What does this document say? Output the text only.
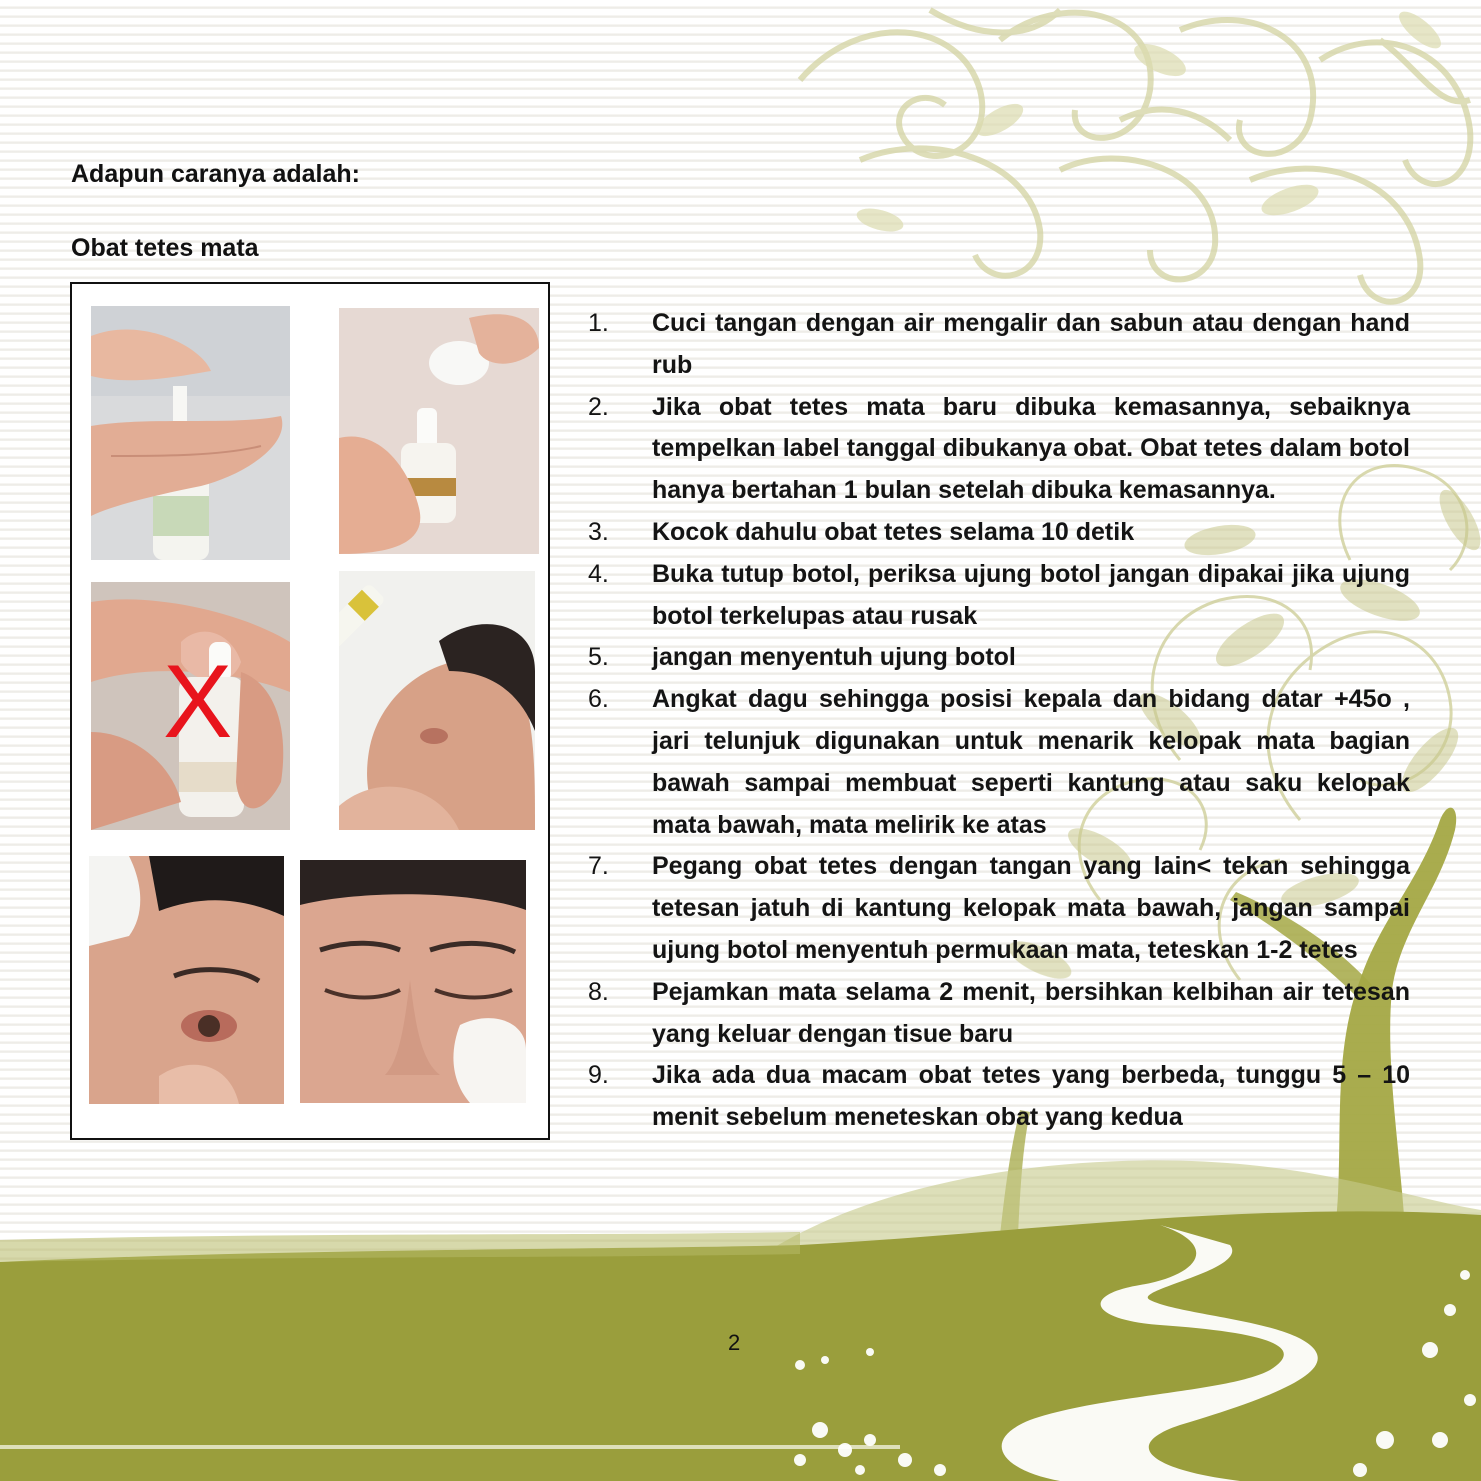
Adapun caranya adalah:
Obat tetes mata
X
1.	Cuci tangan dengan air mengalir dan sabun atau dengan hand rub
2.	Jika obat tetes mata baru dibuka kemasannya, sebaiknya tempelkan label tanggal dibukanya obat. Obat tetes dalam botol hanya bertahan 1 bulan setelah dibuka kemasannya.
3.	Kocok dahulu obat tetes selama 10 detik
4.	Buka tutup botol, periksa ujung botol jangan dipakai jika ujung botol terkelupas atau rusak
5.	jangan menyentuh ujung botol
6.	Angkat dagu sehingga posisi kepala dan bidang datar +45o , jari telunjuk digunakan untuk menarik kelopak mata bagian bawah sampai membuat seperti kantung atau saku kelopak mata bawah, mata melirik ke atas
7.	Pegang obat tetes dengan tangan yang lain< tekan sehingga tetesan jatuh di kantung kelopak mata bawah, jangan sampai ujung botol menyentuh permukaan mata, teteskan 1-2 tetes
8.	Pejamkan mata selama 2 menit, bersihkan kelbihan air tetesan yang keluar dengan tisue baru
9.	Jika ada dua macam obat tetes yang berbeda, tunggu 5 – 10 menit sebelum meneteskan obat yang kedua
2
